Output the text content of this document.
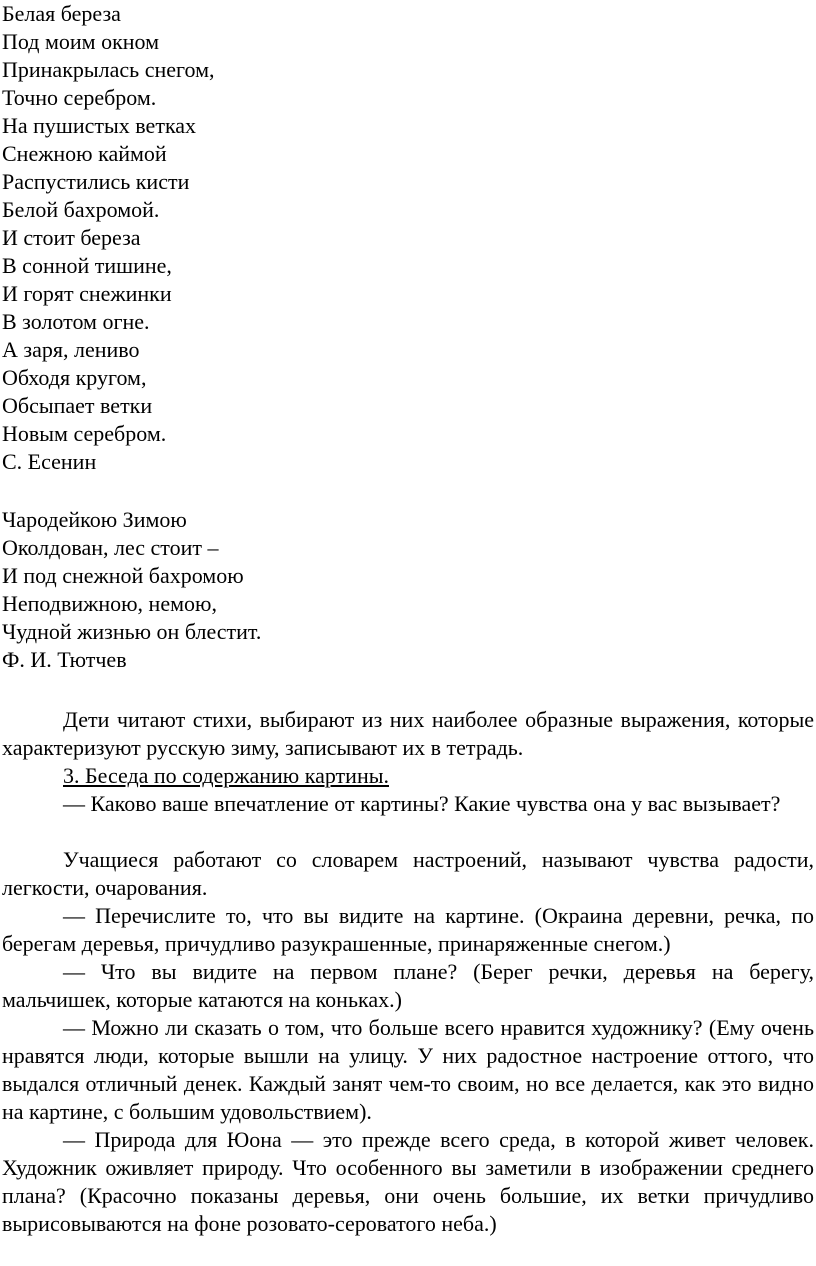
Белая береза
Под моим окном
Принакрылась снегом,
Точно серебром.
На пушистых ветках
Снежною каймой
Распустились кисти
Белой бахромой.
И стоит береза
В сонной тишине,
И горят снежинки
В золотом огне.
А заря, лениво
Обходя кругом,
Обсыпает ветки
Новым серебром.
С. Есенин
Чародейкою Зимою
Околдован, лес стоит –
И под снежной бахромою
Неподвижною, немою,
Чудной жизнью он блестит.
Ф. И. Тютчев
Дети читают стихи, выбирают из них наиболее образные выражения, которые характеризуют русскую зиму, записывают их в тетрадь.
3. Беседа по содержанию картины.
— Каково ваше впечатление от картины? Какие чувства она у вас вызывает?
Учащиеся работают со словарем настроений, называют чувства радости, легкости, очарования.
— Перечислите то, что вы видите на картине. (Окраина деревни, речка, по берегам деревья, причудливо разукрашенные, принаряженные снегом.)
— Что вы видите на первом плане? (Берег речки, деревья на берегу, мальчишек, которые катаются на коньках.)
— Можно ли сказать о том, что больше всего нравится художнику? (Ему очень нравятся люди, которые вышли на улицу. У них радостное настроение оттого, что выдался отличный денек. Каждый занят чем-то своим, но все делается, как это видно на картине, с большим удовольствием).
— Природа для Юона — это прежде всего среда, в которой живет человек. Художник оживляет природу. Что особенного вы заметили в изображении среднего плана? (Красочно показаны деревья, они очень большие, их ветки причудливо вырисовываются на фоне розовато-сероватого неба.)
